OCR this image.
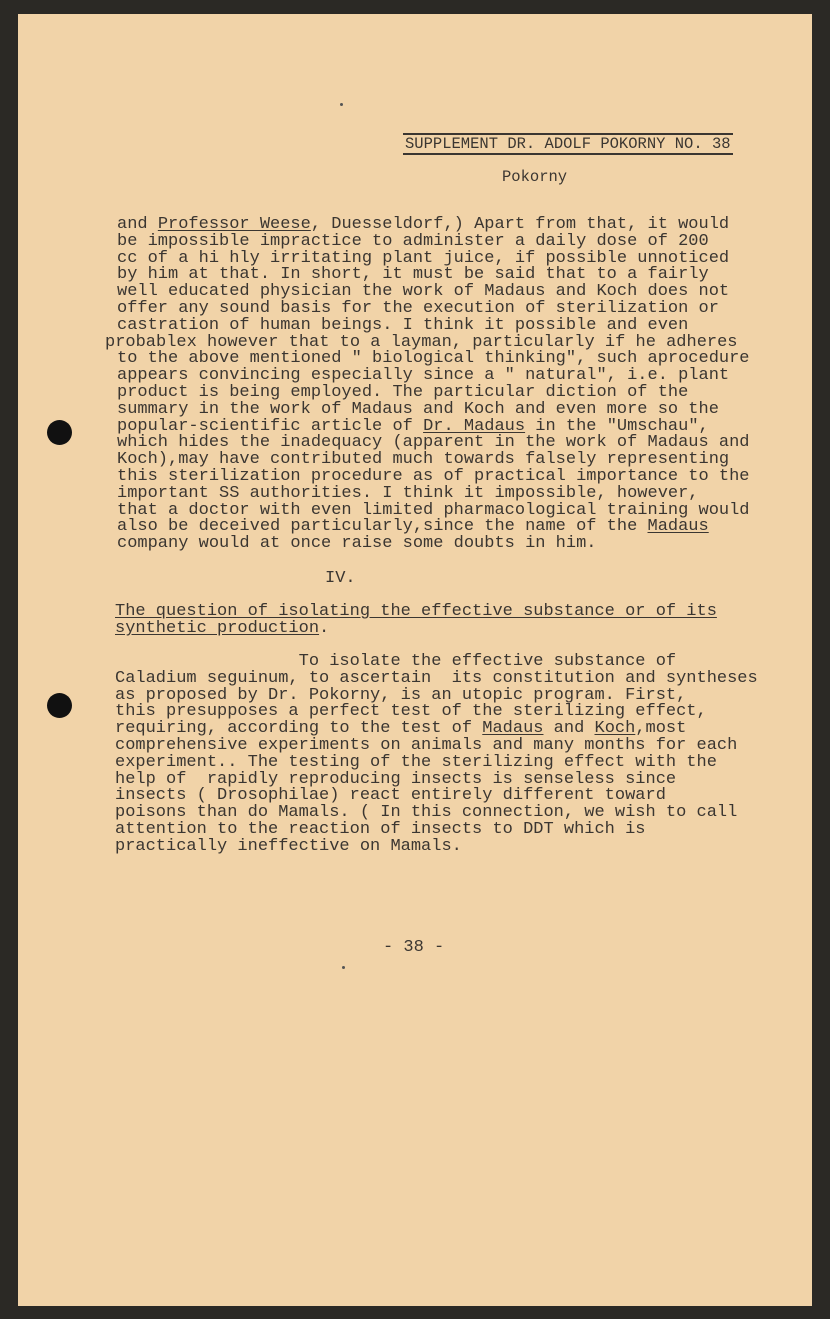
SUPPLEMENT DR. ADOLF POKORNY NO. 38
Pokorny
and Professor Weese, Duesseldorf,) Apart from that, it would
be impossible impractice to administer a daily dose of 200
cc of a hi hly irritating plant juice, if possible unnoticed
by him at that. In short, it must be said that to a fairly
well educated physician the work of Madaus and Koch does not
offer any sound basis for the execution of sterilization or
castration of human beings. I think it possible and even
probablex however that to a layman, particularly if he adheres
to the above mentioned " biological thinking", such aprocedure
appears convincing especially since a " natural", i.e. plant
product is being employed. The particular diction of the
summary in the work of Madaus and Koch and even more so the
popular-scientific article of Dr. Madaus in the "Umschau",
which hides the inadequacy (apparent in the work of Madaus and
Koch),may have contributed much towards falsely representing
this sterilization procedure as of practical importance to the
important SS authorities. I think it impossible, however,
that a doctor with even limited pharmacological training would
also be deceived particularly,since the name of the Madaus
company would at once raise some doubts in him.
IV.
The question of isolating the effective substance or of its
synthetic production.
To isolate the effective substance of
Caladium seguinum, to ascertain  its constitution and syntheses
as proposed by Dr. Pokorny, is an utopic program. First,
this presupposes a perfect test of the sterilizing effect,
requiring, according to the test of Madaus and Koch,most
comprehensive experiments on animals and many months for each
experiment.. The testing of the sterilizing effect with the
help of  rapidly reproducing insects is senseless since
insects ( Drosophilae) react entirely different toward
poisons than do Mamals. ( In this connection, we wish to call
attention to the reaction of insects to DDT which is
practically ineffective on Mamals.
- 38 -
